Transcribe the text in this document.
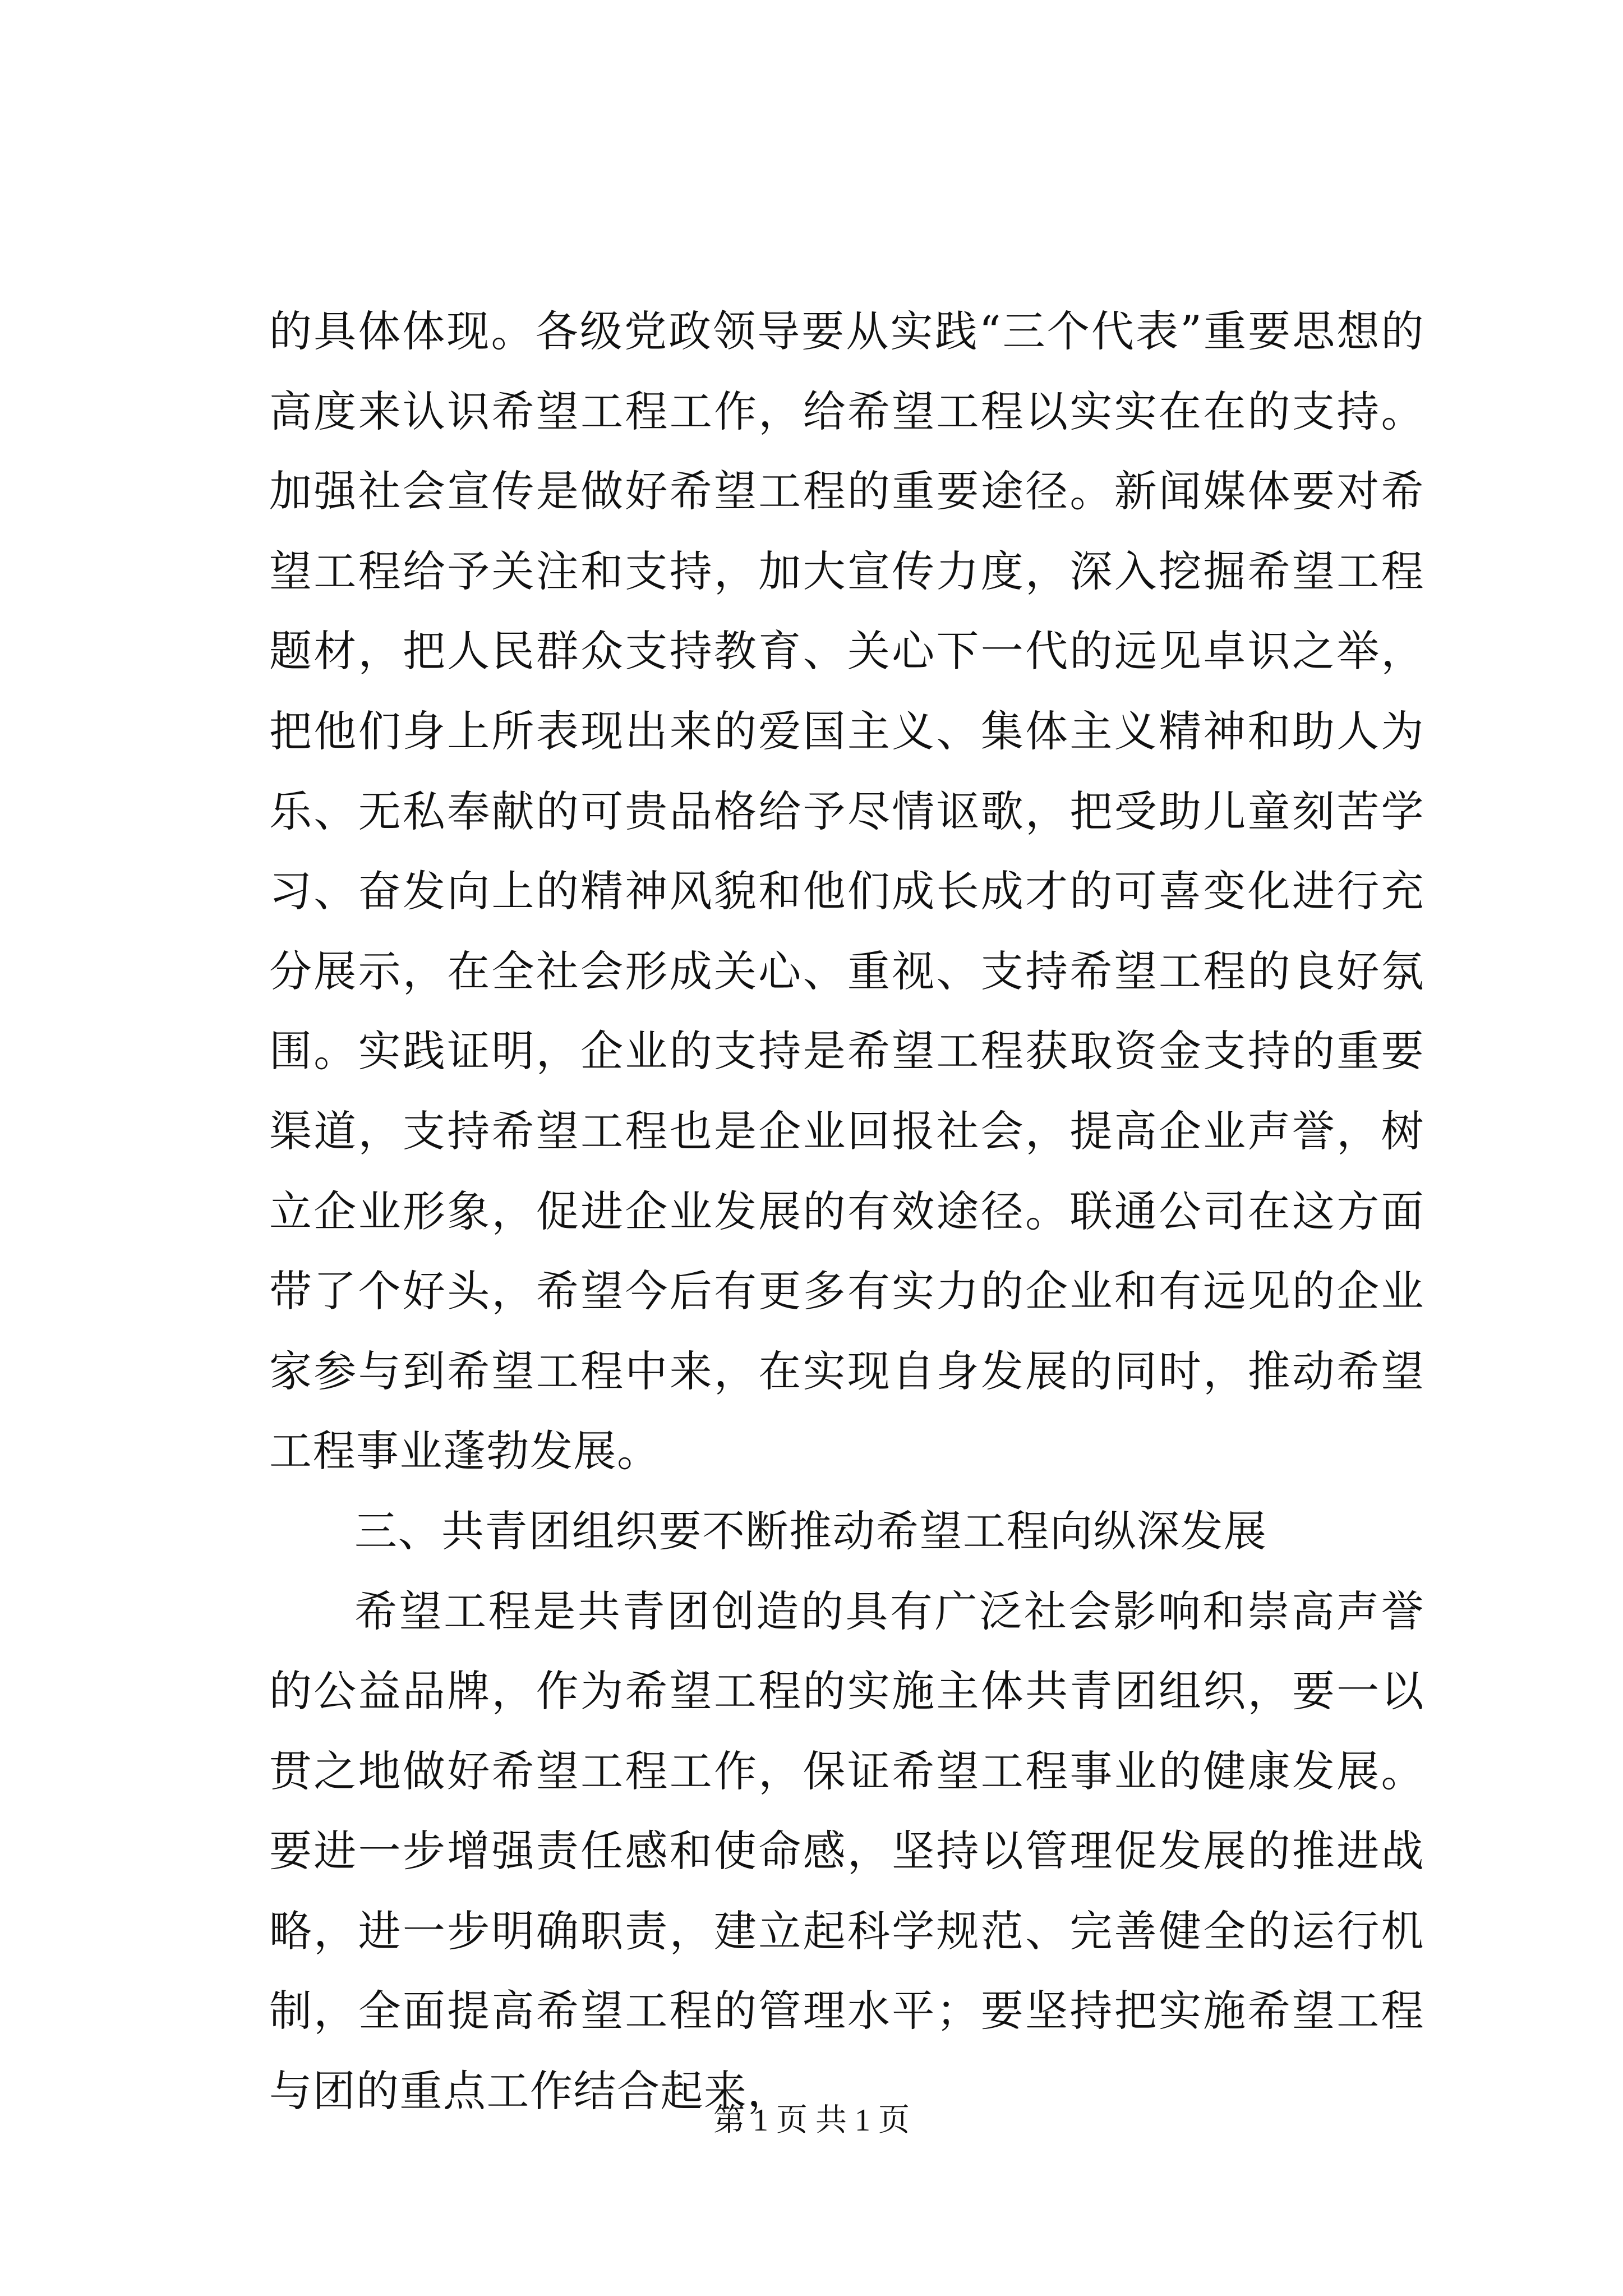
的具体体现。各级党政领导要从实践“三个代表”重要思想的高度来认识希望工程工作，给希望工程以实实在在的支持。加强社会宣传是做好希望工程的重要途径。新闻媒体要对希望工程给予关注和支持，加大宣传力度，深入挖掘希望工程题材，把人民群众支持教育、关心下一代的远见卓识之举，把他们身上所表现出来的爱国主义、集体主义精神和助人为乐、无私奉献的可贵品格给予尽情讴歌，把受助儿童刻苦学习、奋发向上的精神风貌和他们成长成才的可喜变化进行充分展示，在全社会形成关心、重视、支持希望工程的良好氛围。实践证明，企业的支持是希望工程获取资金支持的重要渠道，支持希望工程也是企业回报社会，提高企业声誉，树立企业形象，促进企业发展的有效途径。联通公司在这方面带了个好头，希望今后有更多有实力的企业和有远见的企业家参与到希望工程中来，在实现自身发展的同时，推动希望工程事业蓬勃发展。

三、共青团组织要不断推动希望工程向纵深发展

希望工程是共青团创造的具有广泛社会影响和崇高声誉的公益品牌，作为希望工程的实施主体共青团组织，要一以贯之地做好希望工程工作，保证希望工程事业的健康发展。要进一步增强责任感和使命感，坚持以管理促发展的推进战略，进一步明确职责，建立起科学规范、完善健全的运行机制，全面提高希望工程的管理水平；要坚持把实施希望工程与团的重点工作结合起来，

第 1 页 共 1 页
